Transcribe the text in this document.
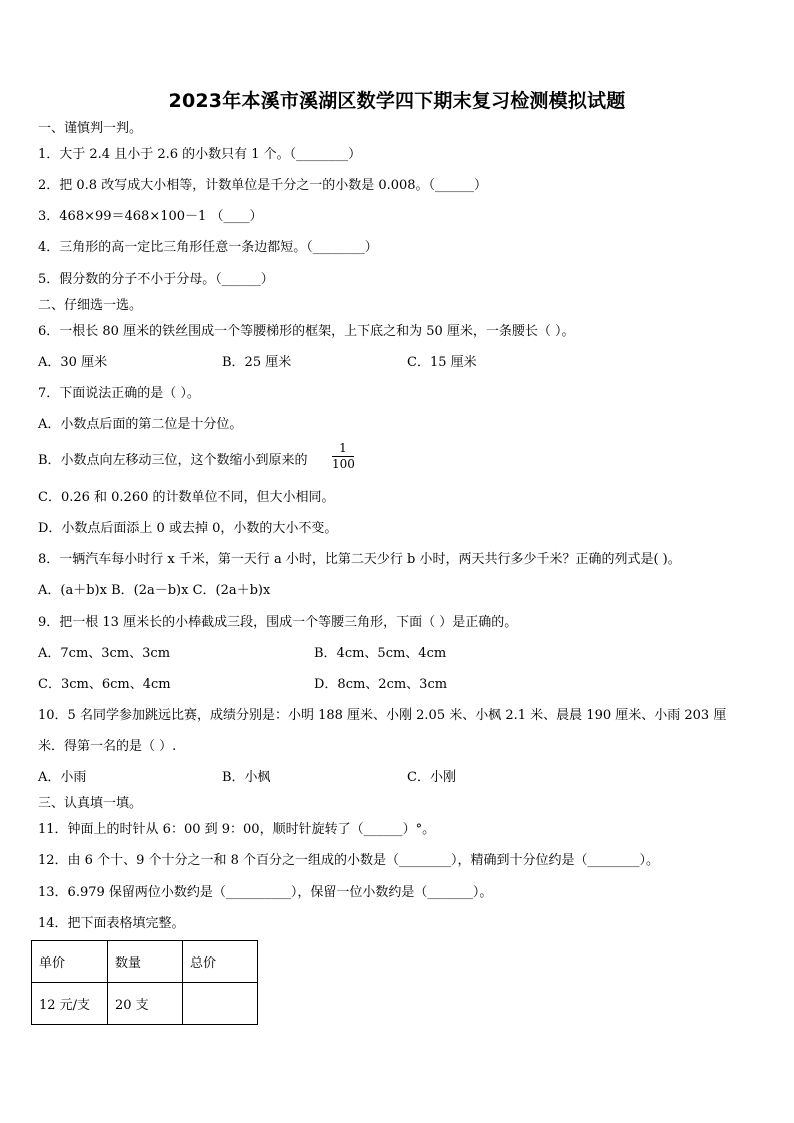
2023年本溪市溪湖区数学四下期末复习检测模拟试题
一、谨慎判一判。
1．大于 2.4 且小于 2.6 的小数只有 1 个。（________）
2．把 0.8 改写成大小相等，计数单位是千分之一的小数是 0.008。（______）
3．468×99＝468×100－1 （____）
4．三角形的高一定比三角形任意一条边都短。（________）
5．假分数的分子不小于分母。（______）
二、仔细选一选。
6．一根长 80 厘米的铁丝围成一个等腰梯形的框架，上下底之和为 50 厘米，一条腰长（ ）。
A．30 厘米	B．25 厘米	C．15 厘米
7．下面说法正确的是（ ）。
A．小数点后面的第二位是十分位。
B．小数点向左移动三位，这个数缩小到原来的 $\frac{1}{100}$
C．0.26 和 0.260 的计数单位不同，但大小相同。
D．小数点后面添上 0 或去掉 0，小数的大小不变。
8．一辆汽车每小时行 x 千米，第一天行 a 小时，比第二天少行 b 小时，两天共行多少千米？正确的列式是( )。
A．(a＋b)x B．(2a－b)x C．(2a＋b)x
9．把一根 13 厘米长的小棒截成三段，围成一个等腰三角形，下面（ ）是正确的。
A．7cm、3cm、3cm	B．4cm、5cm、4cm
C．3cm、6cm、4cm	D．8cm、2cm、3cm
10．5 名同学参加跳远比赛，成绩分别是：小明 188 厘米、小刚 2.05 米、小枫 2.1 米、晨晨 190 厘米、小雨 203 厘
米．得第一名的是（ ）.
A．小雨	B．小枫	C．小刚
三、认真填一填。
11．钟面上的时针从 6：00 到 9：00，顺时针旋转了（______）°。
12．由 6 个十、9 个十分之一和 8 个百分之一组成的小数是（________），精确到十分位约是（________）。
13．6.979 保留两位小数约是（__________），保留一位小数约是（_______）。
14．把下面表格填完整。
单价	数量	总价
12 元/支	20 支	
